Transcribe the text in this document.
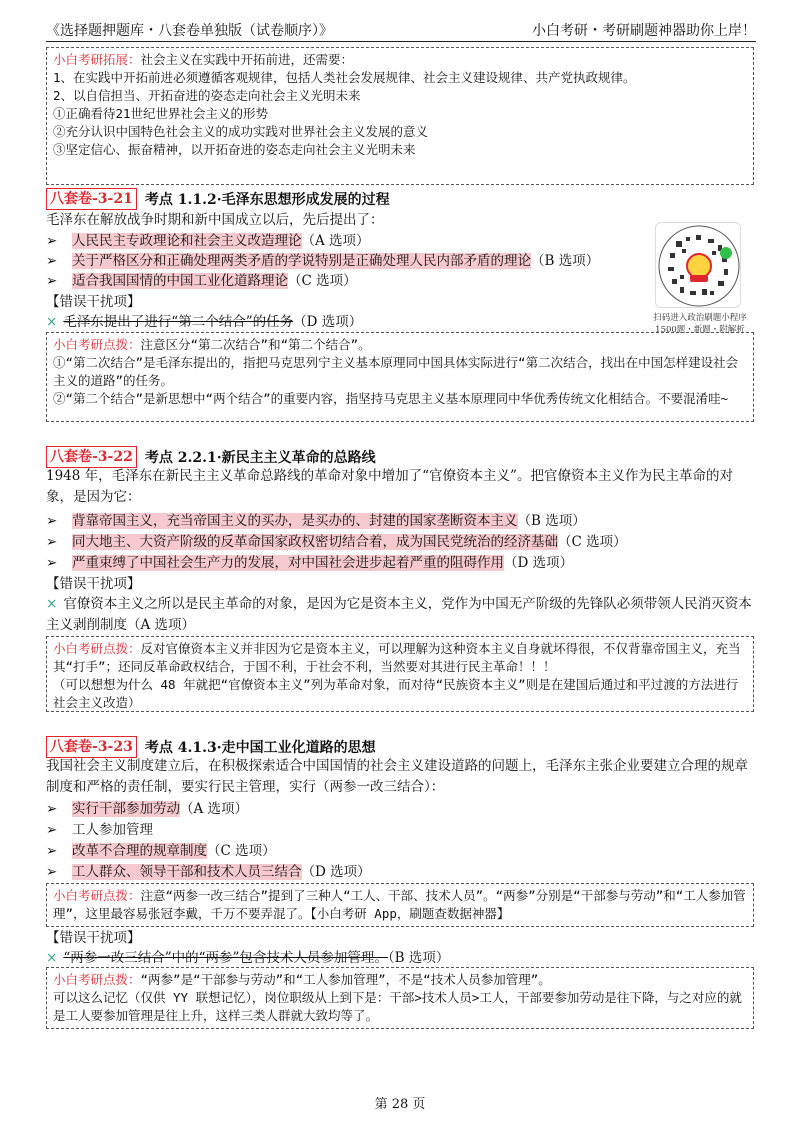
《选择题押题库・八套卷单独版（试卷顺序）》	小白考研・考研刷题神器助你上岸！
小白考研拓展：社会主义在实践中开拓前进，还需要：
1、在实践中开拓前进必须遵循客观规律，包括人类社会发展规律、社会主义建设规律、共产党执政规律。
2、以自信担当、开拓奋进的姿态走向社会主义光明未来
①正确看待21世纪世界社会主义的形势
②充分认识中国特色社会主义的成功实践对世界社会主义发展的意义
③坚定信心、振奋精神，以开拓奋进的姿态走向社会主义光明未来
八套卷-3-21 考点 1.1.2·毛泽东思想形成发展的过程
毛泽东在解放战争时期和新中国成立以后，先后提出了：
➢ 人民民主专政理论和社会主义改造理论（A 选项）
➢ 关于严格区分和正确处理两类矛盾的学说特别是正确处理人民内部矛盾的理论（B 选项）
➢ 适合我国国情的中国工业化道路理论（C 选项）
【错误干扰项】
× 毛泽东提出了进行“第二个结合”的任务（D 选项）	扫码进入政治刷题小程序
1500题・新题・附解析
小白考研点拨：注意区分“第二次结合”和“第二个结合”。
①“第二次结合”是毛泽东提出的，指把马克思列宁主义基本原理同中国具体实际进行“第二次结合，找出在中国怎样建设社会主义的道路”的任务。
②“第二个结合”是新思想中“两个结合”的重要内容，指坚持马克思主义基本原理同中华优秀传统文化相结合。不要混淆哇~
八套卷-3-22 考点 2.2.1·新民主主义革命的总路线
1948 年，毛泽东在新民主主义革命总路线的革命对象中增加了“官僚资本主义”。把官僚资本主义作为民主革命的对象，是因为它：
➢ 背靠帝国主义，充当帝国主义的买办，是买办的、封建的国家垄断资本主义（B 选项）
➢ 同大地主、大资产阶级的反革命国家政权密切结合着，成为国民党统治的经济基础（C 选项）
➢ 严重束缚了中国社会生产力的发展，对中国社会进步起着严重的阻碍作用（D 选项）
【错误干扰项】
× 官僚资本主义之所以是民主革命的对象，是因为它是资本主义，党作为中国无产阶级的先锋队必须带领人民消灭资本主义剥削制度（A 选项）
小白考研点拨：反对官僚资本主义并非因为它是资本主义，可以理解为这种资本主义自身就坏得很，不仅背靠帝国主义，充当其“打手”；还同反革命政权结合，于国不利，于社会不利，当然要对其进行民主革命！！！
（可以想想为什么 48 年就把“官僚资本主义”列为革命对象，而对待“民族资本主义”则是在建国后通过和平过渡的方法进行社会主义改造）
八套卷-3-23 考点 4.1.3·走中国工业化道路的思想
我国社会主义制度建立后，在积极探索适合中国国情的社会主义建设道路的问题上，毛泽东主张企业要建立合理的规章制度和严格的责任制，要实行民主管理，实行（两参一改三结合）：
➢ 实行干部参加劳动（A 选项）
➢ 工人参加管理
➢ 改革不合理的规章制度（C 选项）
➢ 工人群众、领导干部和技术人员三结合（D 选项）
小白考研点拨：注意“两参一改三结合”提到了三种人“工人、干部、技术人员”。“两参”分别是“干部参与劳动”和“工人参加管理”，这里最容易张冠李戴，千万不要弄混了。【小白考研 App，刷题查数据神器】
【错误干扰项】
× “两参一改三结合”中的“两参”包含技术人员参加管理。（B 选项）
小白考研点拨：“两参”是“干部参与劳动”和“工人参加管理”，不是“技术人员参加管理”。
可以这么记忆（仅供 YY 联想记忆），岗位职级从上到下是：干部>技术人员>工人，干部要参加劳动是往下降，与之对应的就是工人要参加管理是往上升，这样三类人群就大致均等了。
第 28 页
